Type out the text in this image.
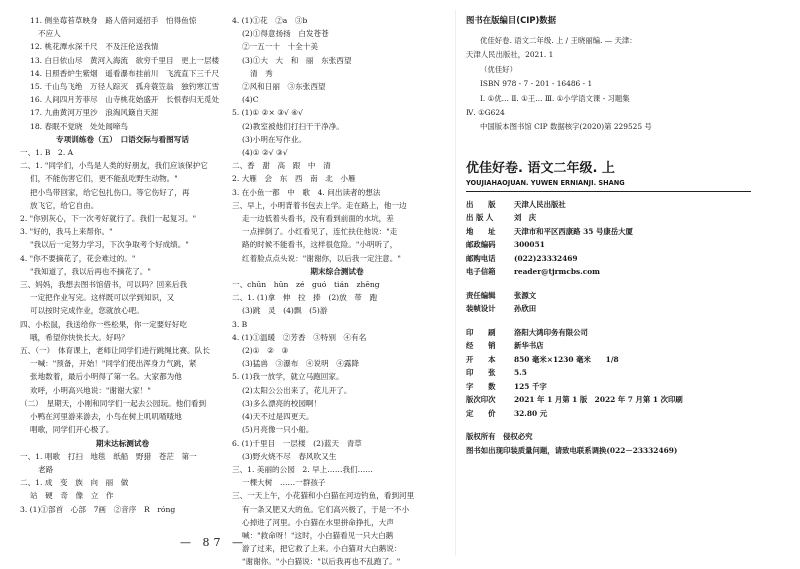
11. 侧坐莓苔草映身　路人借问遥招手　怕得鱼惊
不应人
12. 桃花潭水深千尺　不及汪伦送我情
13. 白日依山尽　黄河入海流　欲穷千里目　更上一层楼
14. 日照香炉生紫烟　遥看瀑布挂前川　飞流直下三千尺
15. 千山鸟飞绝　万径人踪灭　孤舟蓑笠翁　独钓寒江雪
16. 人间四月芳菲尽　山寺桃花始盛开　长恨春归无觅处
17. 九曲黄河万里沙　浪淘风簸自天涯
18. 春眠不觉晓　处处闻啼鸟
专项训练卷（五）　口语交际与看图写话
一、1. B　2. A
二、1. "同学们，小鸟是人类的好朋友，我们应该保护它
们，不能伤害它们，更不能乱吃野生动物。"
把小鸟带回家，给它包扎伤口。等它伤好了，再
放飞它，给它自由。
2. "你别灰心，下一次考好就行了。我们一起复习。"
3. "好的，我马上来帮你。"
"我以后一定努力学习，下次争取考个好成绩。"
4. "你不要摘花了，花会难过的。"
"我知道了，我以后再也不摘花了。"
三、妈妈，我想去图书馆借书，可以吗？回来后我
一定把作业写完。这样既可以学到知识，又
可以按时完成作业，您就放心吧。
四、小松鼠，我送给你一些松果，你一定要好好吃
哦，希望你快快长大。好吗？
五、（一）　体育课上，老师让同学们进行跳绳比赛。队长
一喊："预备，开始！"同学们使出浑身力气跳，紧
张地数着，最后小明得了第一名。大家都为他
欢呼，小明高兴地说："谢谢大家！"
（二）　星期天，小刚和同学们一起去公园玩。他们看到
小鸭在河里游来游去，小鸟在树上叽叽喳喳地
唱歌，同学们开心极了。
期末达标测试卷
一、1. 唱歌　打扫　地毯　纸船　野猎　苍茫　第一
老路
二、1. 成　变　族　向　丽　做
站　硬　奇　像　立　作
3. (1)①部首　心部　7画　②音序　R　róng
4. (1)①花　②a　③b
(2)①得意扬扬　白发苍苍
②一五一十　十全十美
(3)①大　大　和　丽　东张西望
清　秀
②风和日丽　③东张西望
(4)C
5. (1)① ②× ③√ ④√
(2)教室被他们打扫干干净净。
(3)小明在写作业。
(4)① ②√ ③√
二、香　甜　高　跟　中　清
2. 大雁　会　东　西　南　北　小雁
3. 在小鱼一都　中　歌　4. 问出读者的想法
三、早上，小明背着书包去上学。走在路上，他一边
走一边低着头看书，没有看到前面的水坑，差
一点摔倒了。小红看见了，连忙扶住他说："走
路的时候不能看书，这样很危险。"小明听了，
红着脸点点头说："谢谢你，以后我一定注意。"
期末综合测试卷
一、chūn　hūn　zé　guó　tián　zhēng
二、1. (1)拿　伸　拉　捧　(2)放　带　跑
(3)跳　灵　(4)飘　(5)游
3. B
4. (1)①温暖　②芳香　③特别　④有名
(2)①　②　③
(3)猛兽　③瀑布　④说明　④露降
5. (1)我一放学，就立马跑回家。
(2)太阳公公出来了，花儿开了。
(3)多么漂亮的校园啊！
(4)天不过是四更天。
(5)月亮像一只小船。
6. (1)千里目　一层楼　(2)蓝天　青草
(3)野火烧不尽　春风吹又生
三、1. 美丽的公园　2. 早上……我们……
一棵大树　……一群孩子
三、一天上午，小花猫和小白猫在河边钓鱼，看到河里
有一条又肥又大的鱼。它们高兴极了，于是一不小
心掉进了河里。小白猫在水里拼命挣扎，大声
喊："救命呀！"这时，小白猫看见一只大白鹅
游了过来，把它救了上来。小白猫对大白鹅说：
"谢谢你。"小白猫说："以后我再也不乱跑了。"
— 87 —
图书在版编目(CIP)数据
优佳好卷. 语文二年级. 上 / 王晓丽编. — 天津：
天津人民出版社，2021. 1
（优佳好）
ISBN 978 - 7 - 201 - 16486 - 1
Ⅰ. ①优… Ⅱ. ①王… Ⅲ. ①小学语文课 - 习题集
Ⅳ. ①G624
中国版本图书馆 CIP 数据核字(2020)第 229525 号
优佳好卷. 语文二年级. 上
YOUJIAHAOJUAN. YUWEN ERNIANJI. SHANG
出　　版	天津人民出版社
出 版 人	刘　庆
地　　址	天津市和平区西康路 35 号康岳大厦
邮政编码	300051
邮购电话	(022)23332469
电子信箱	reader@tjrmcbs.com
责任编辑	张源文
装帧设计	孙欣田
印　　刷	洛阳大鸿印务有限公司
经　　销	新华书店
开　　本	850 毫米×1230 毫米　　1/8
印　　张	5.5
字　　数	125 千字
版次印次	2021 年 1 月第 1 版　2022 年 7 月第 1 次印刷
定　　价	32.80 元
版权所有　侵权必究
图书如出现印装质量问题，请致电联系调换(022－23332469)
